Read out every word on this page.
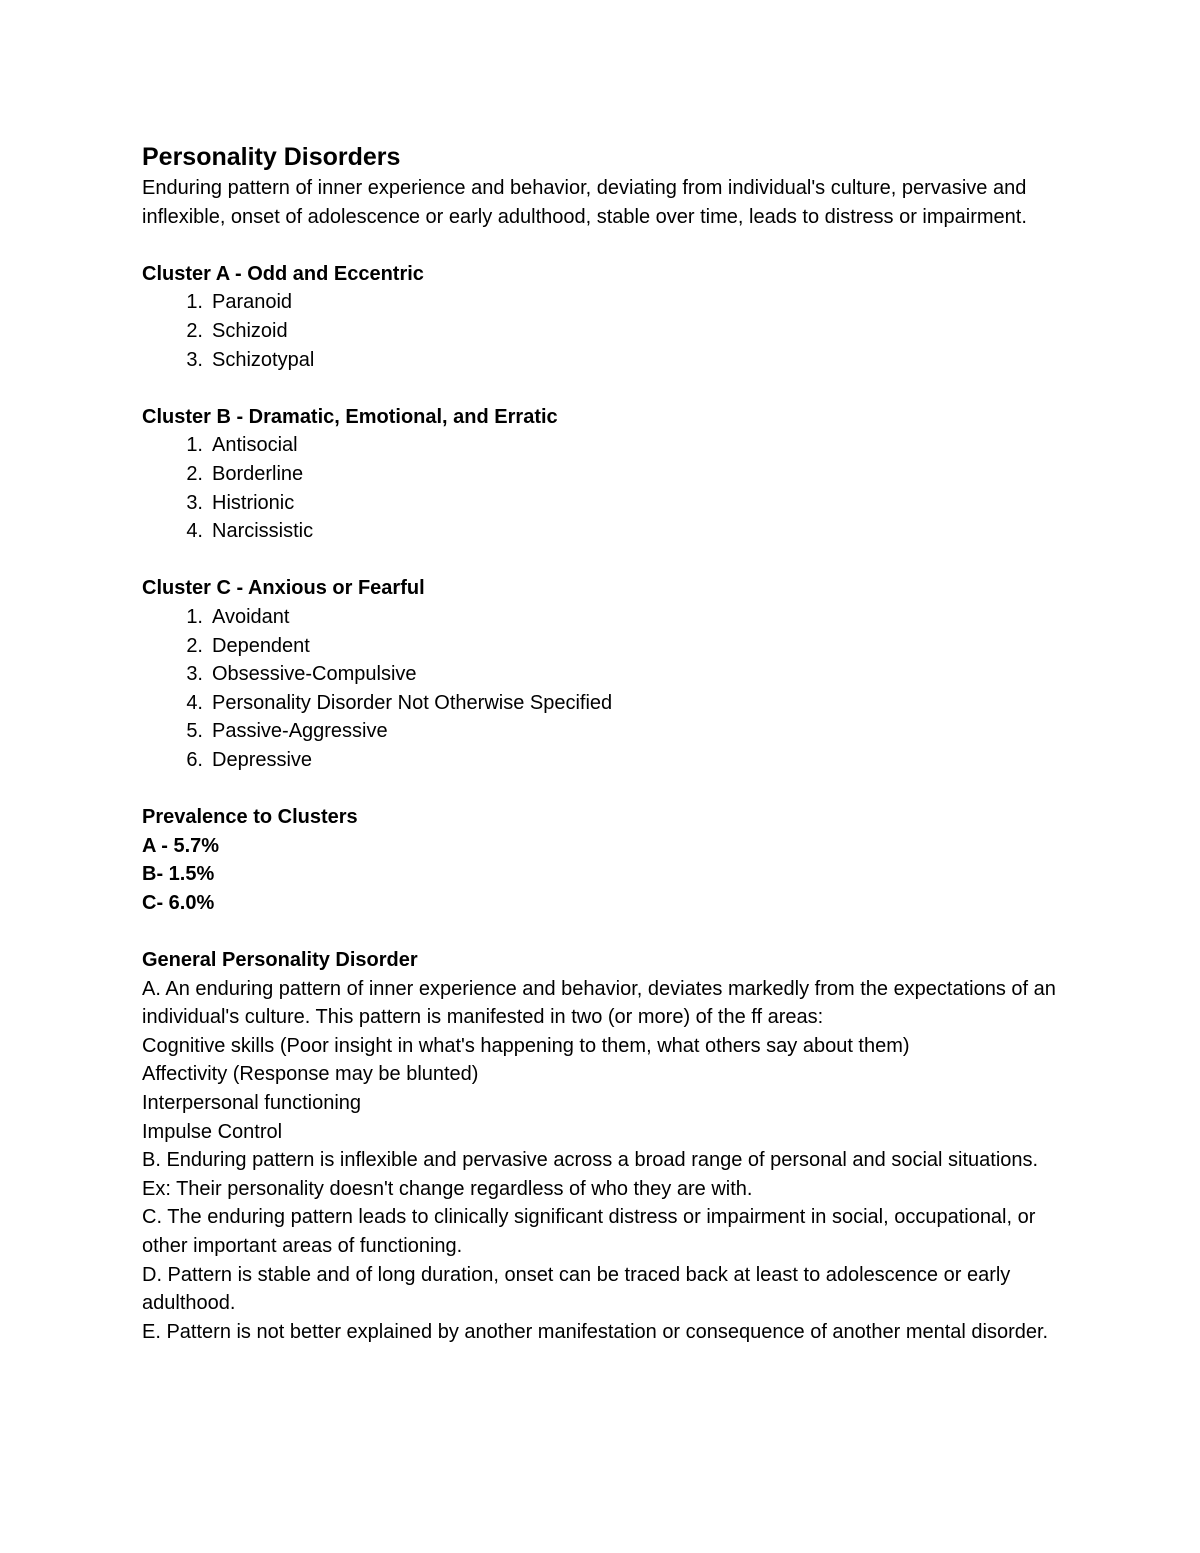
Personality Disorders

Enduring pattern of inner experience and behavior, deviating from individual's culture, pervasive and inflexible, onset of adolescence or early adulthood, stable over time, leads to distress or impairment.

Cluster A - Odd and Eccentric

1. Paranoid
2. Schizoid
3. Schizotypal

Cluster B - Dramatic, Emotional, and Erratic

1. Antisocial
2. Borderline
3. Histrionic
4. Narcissistic

Cluster C - Anxious or Fearful

1. Avoidant
2. Dependent
3. Obsessive-Compulsive
4. Personality Disorder Not Otherwise Specified
5. Passive-Aggressive
6. Depressive

Prevalence to Clusters

A - 5.7%

B- 1.5%

C- 6.0%

General Personality Disorder

A. An enduring pattern of inner experience and behavior, deviates markedly from the expectations of an individual's culture. This pattern is manifested in two (or more) of the ff areas:

Cognitive skills (Poor insight in what's happening to them, what others say about them)

Affectivity (Response may be blunted)

Interpersonal functioning

Impulse Control

B. Enduring pattern is inflexible and pervasive across a broad range of personal and social situations. Ex: Their personality doesn't change regardless of who they are with.

C. The enduring pattern leads to clinically significant distress or impairment in social, occupational, or other important areas of functioning.

D. Pattern is stable and of long duration, onset can be traced back at least to adolescence or early adulthood.

E. Pattern is not better explained by another manifestation or consequence of another mental disorder.
